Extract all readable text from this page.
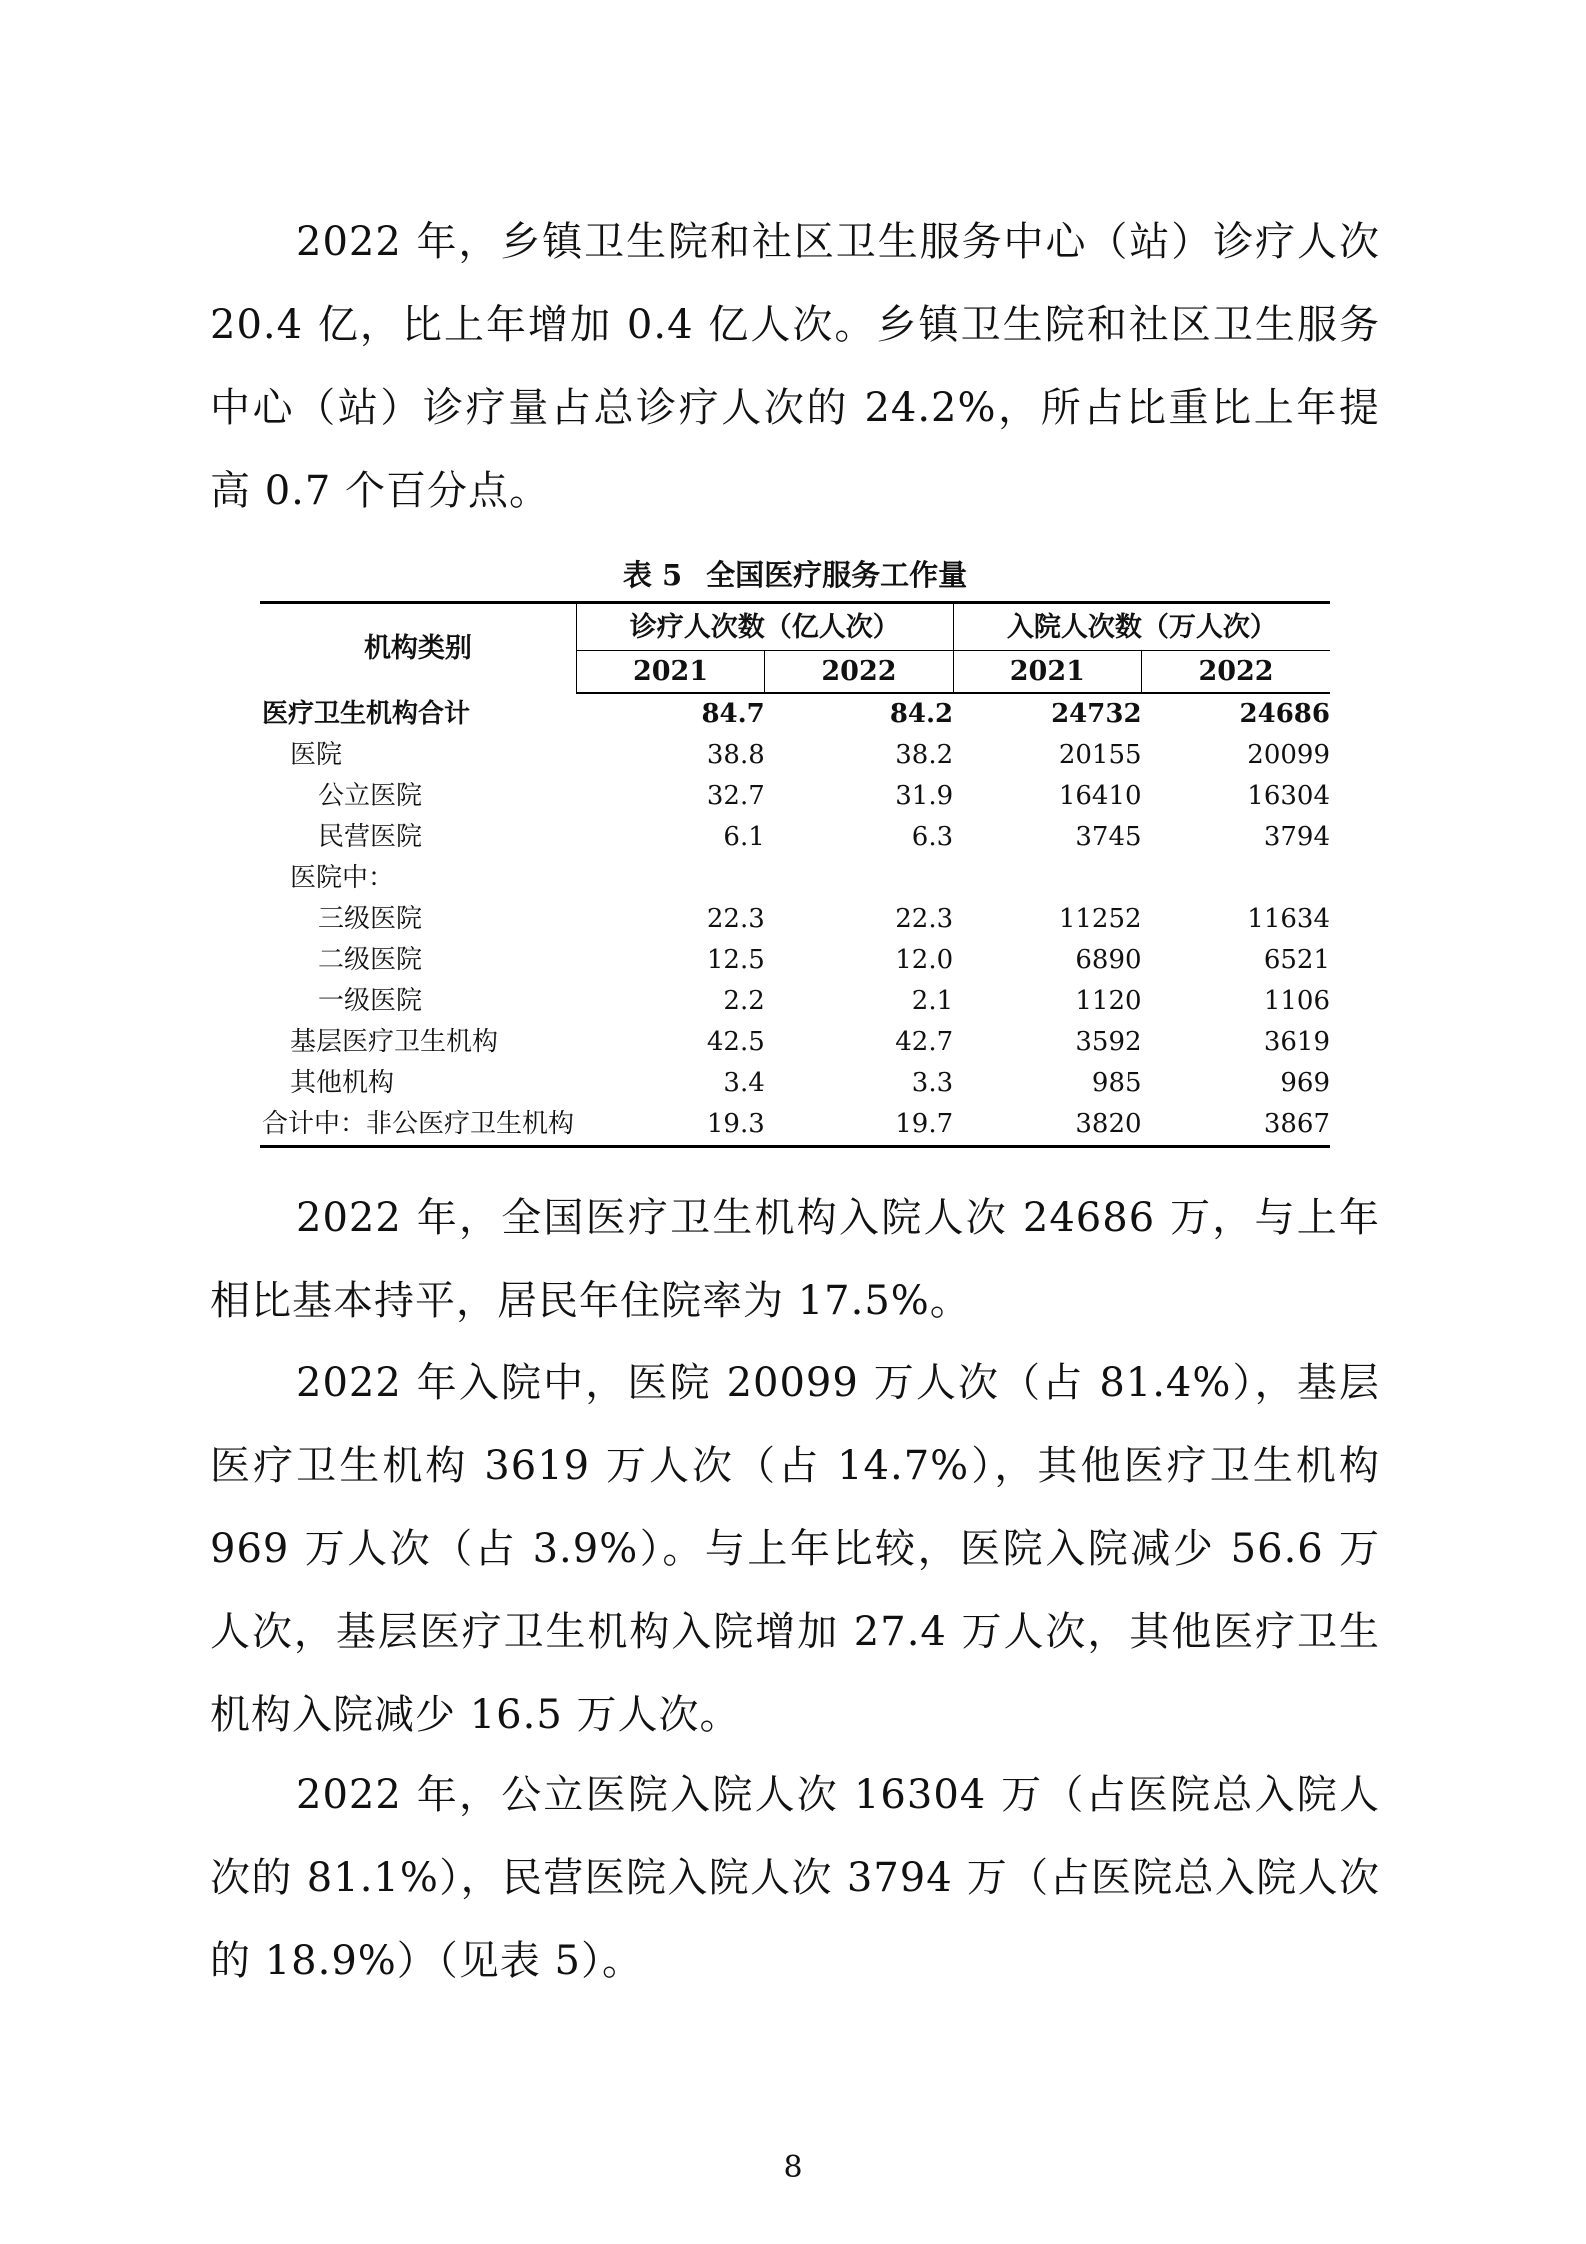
2022 年，乡镇卫生院和社区卫生服务中心（站）诊疗人次 20.4 亿，比上年增加 0.4 亿人次。乡镇卫生院和社区卫生服务中心（站）诊疗量占总诊疗人次的 24.2%，所占比重比上年提高 0.7 个百分点。

表 5 全国医疗服务工作量

机构类别	诊疗人次数（亿人次）		入院人次数（万人次）	
	2021	2022	2021	2022
医疗卫生机构合计	84.7	84.2	24732	24686
医院	38.8	38.2	20155	20099
公立医院	32.7	31.9	16410	16304
民营医院	6.1	6.3	3745	3794
医院中：				
三级医院	22.3	22.3	11252	11634
二级医院	12.5	12.0	6890	6521
一级医院	2.2	2.1	1120	1106
基层医疗卫生机构	42.5	42.7	3592	3619
其他机构	3.4	3.3	985	969
合计中：非公医疗卫生机构	19.3	19.7	3820	3867

2022 年，全国医疗卫生机构入院人次 24686 万，与上年相比基本持平，居民年住院率为 17.5%。

2022 年入院中，医院 20099 万人次（占 81.4%），基层医疗卫生机构 3619 万人次（占 14.7%），其他医疗卫生机构 969 万人次（占 3.9%）。与上年比较，医院入院减少 56.6 万人次，基层医疗卫生机构入院增加 27.4 万人次，其他医疗卫生机构入院减少 16.5 万人次。

2022 年，公立医院入院人次 16304 万（占医院总入院人次的 81.1%），民营医院入院人次 3794 万（占医院总入院人次的 18.9%）（见表 5）。

8
